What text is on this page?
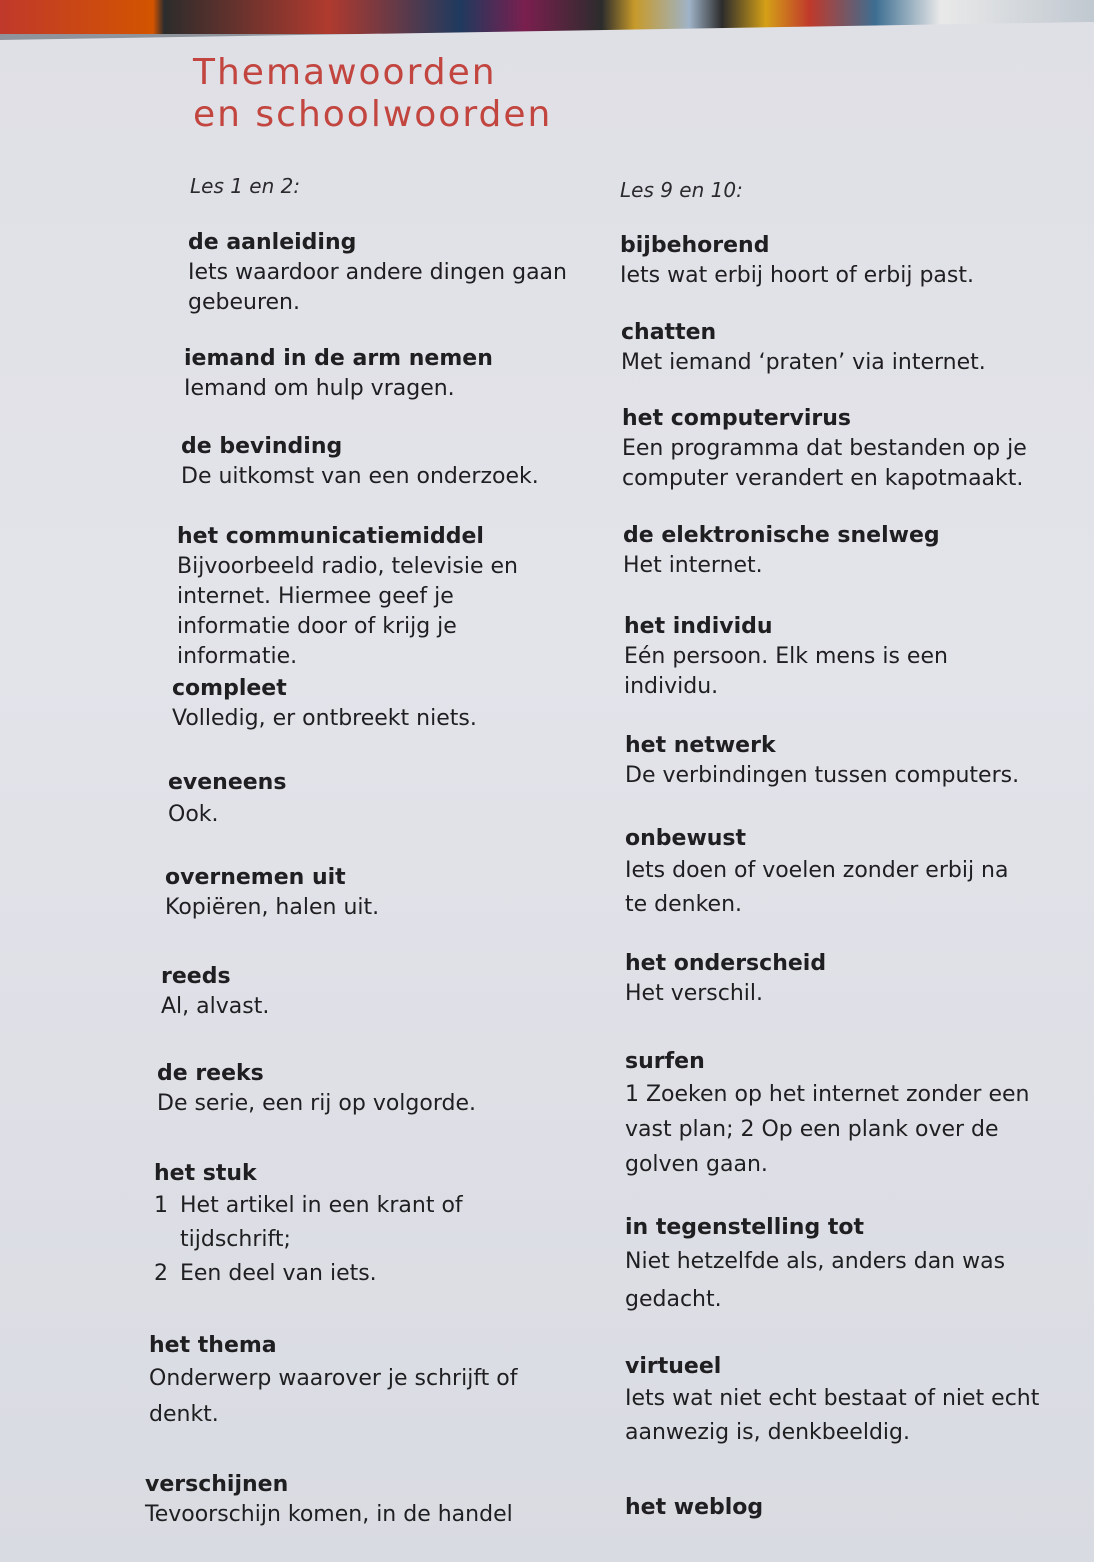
Themawoorden
en schoolwoorden
Les 1 en 2:
de aanleiding
Iets waardoor andere dingen gaan gebeuren.
iemand in de arm nemen
Iemand om hulp vragen.
de bevinding
De uitkomst van een onderzoek.
het communicatiemiddel
Bijvoorbeeld radio, televisie en internet. Hiermee geef je informatie door of krijg je informatie.
compleet
Volledig, er ontbreekt niets.
eveneens
Ook.
overnemen uit
Kopiëren, halen uit.
reeds
Al, alvast.
de reeks
De serie, een rij op volgorde.
het stuk
1 Het artikel in een krant of tijdschrift;
2 Een deel van iets.
het thema
Onderwerp waarover je schrijft of denkt.
verschijnen
Tevoorschijn komen, in de handel
Les 9 en 10:
bijbehorend
Iets wat erbij hoort of erbij past.
chatten
Met iemand ‘praten’ via internet.
het computervirus
Een programma dat bestanden op je computer verandert en kapotmaakt.
de elektronische snelweg
Het internet.
het individu
Eén persoon. Elk mens is een individu.
het netwerk
De verbindingen tussen computers.
onbewust
Iets doen of voelen zonder erbij na te denken.
het onderscheid
Het verschil.
surfen
1 Zoeken op het internet zonder een vast plan; 2 Op een plank over de golven gaan.
in tegenstelling tot
Niet hetzelfde als, anders dan was gedacht.
virtueel
Iets wat niet echt bestaat of niet echt aanwezig is, denkbeeldig.
het weblog
